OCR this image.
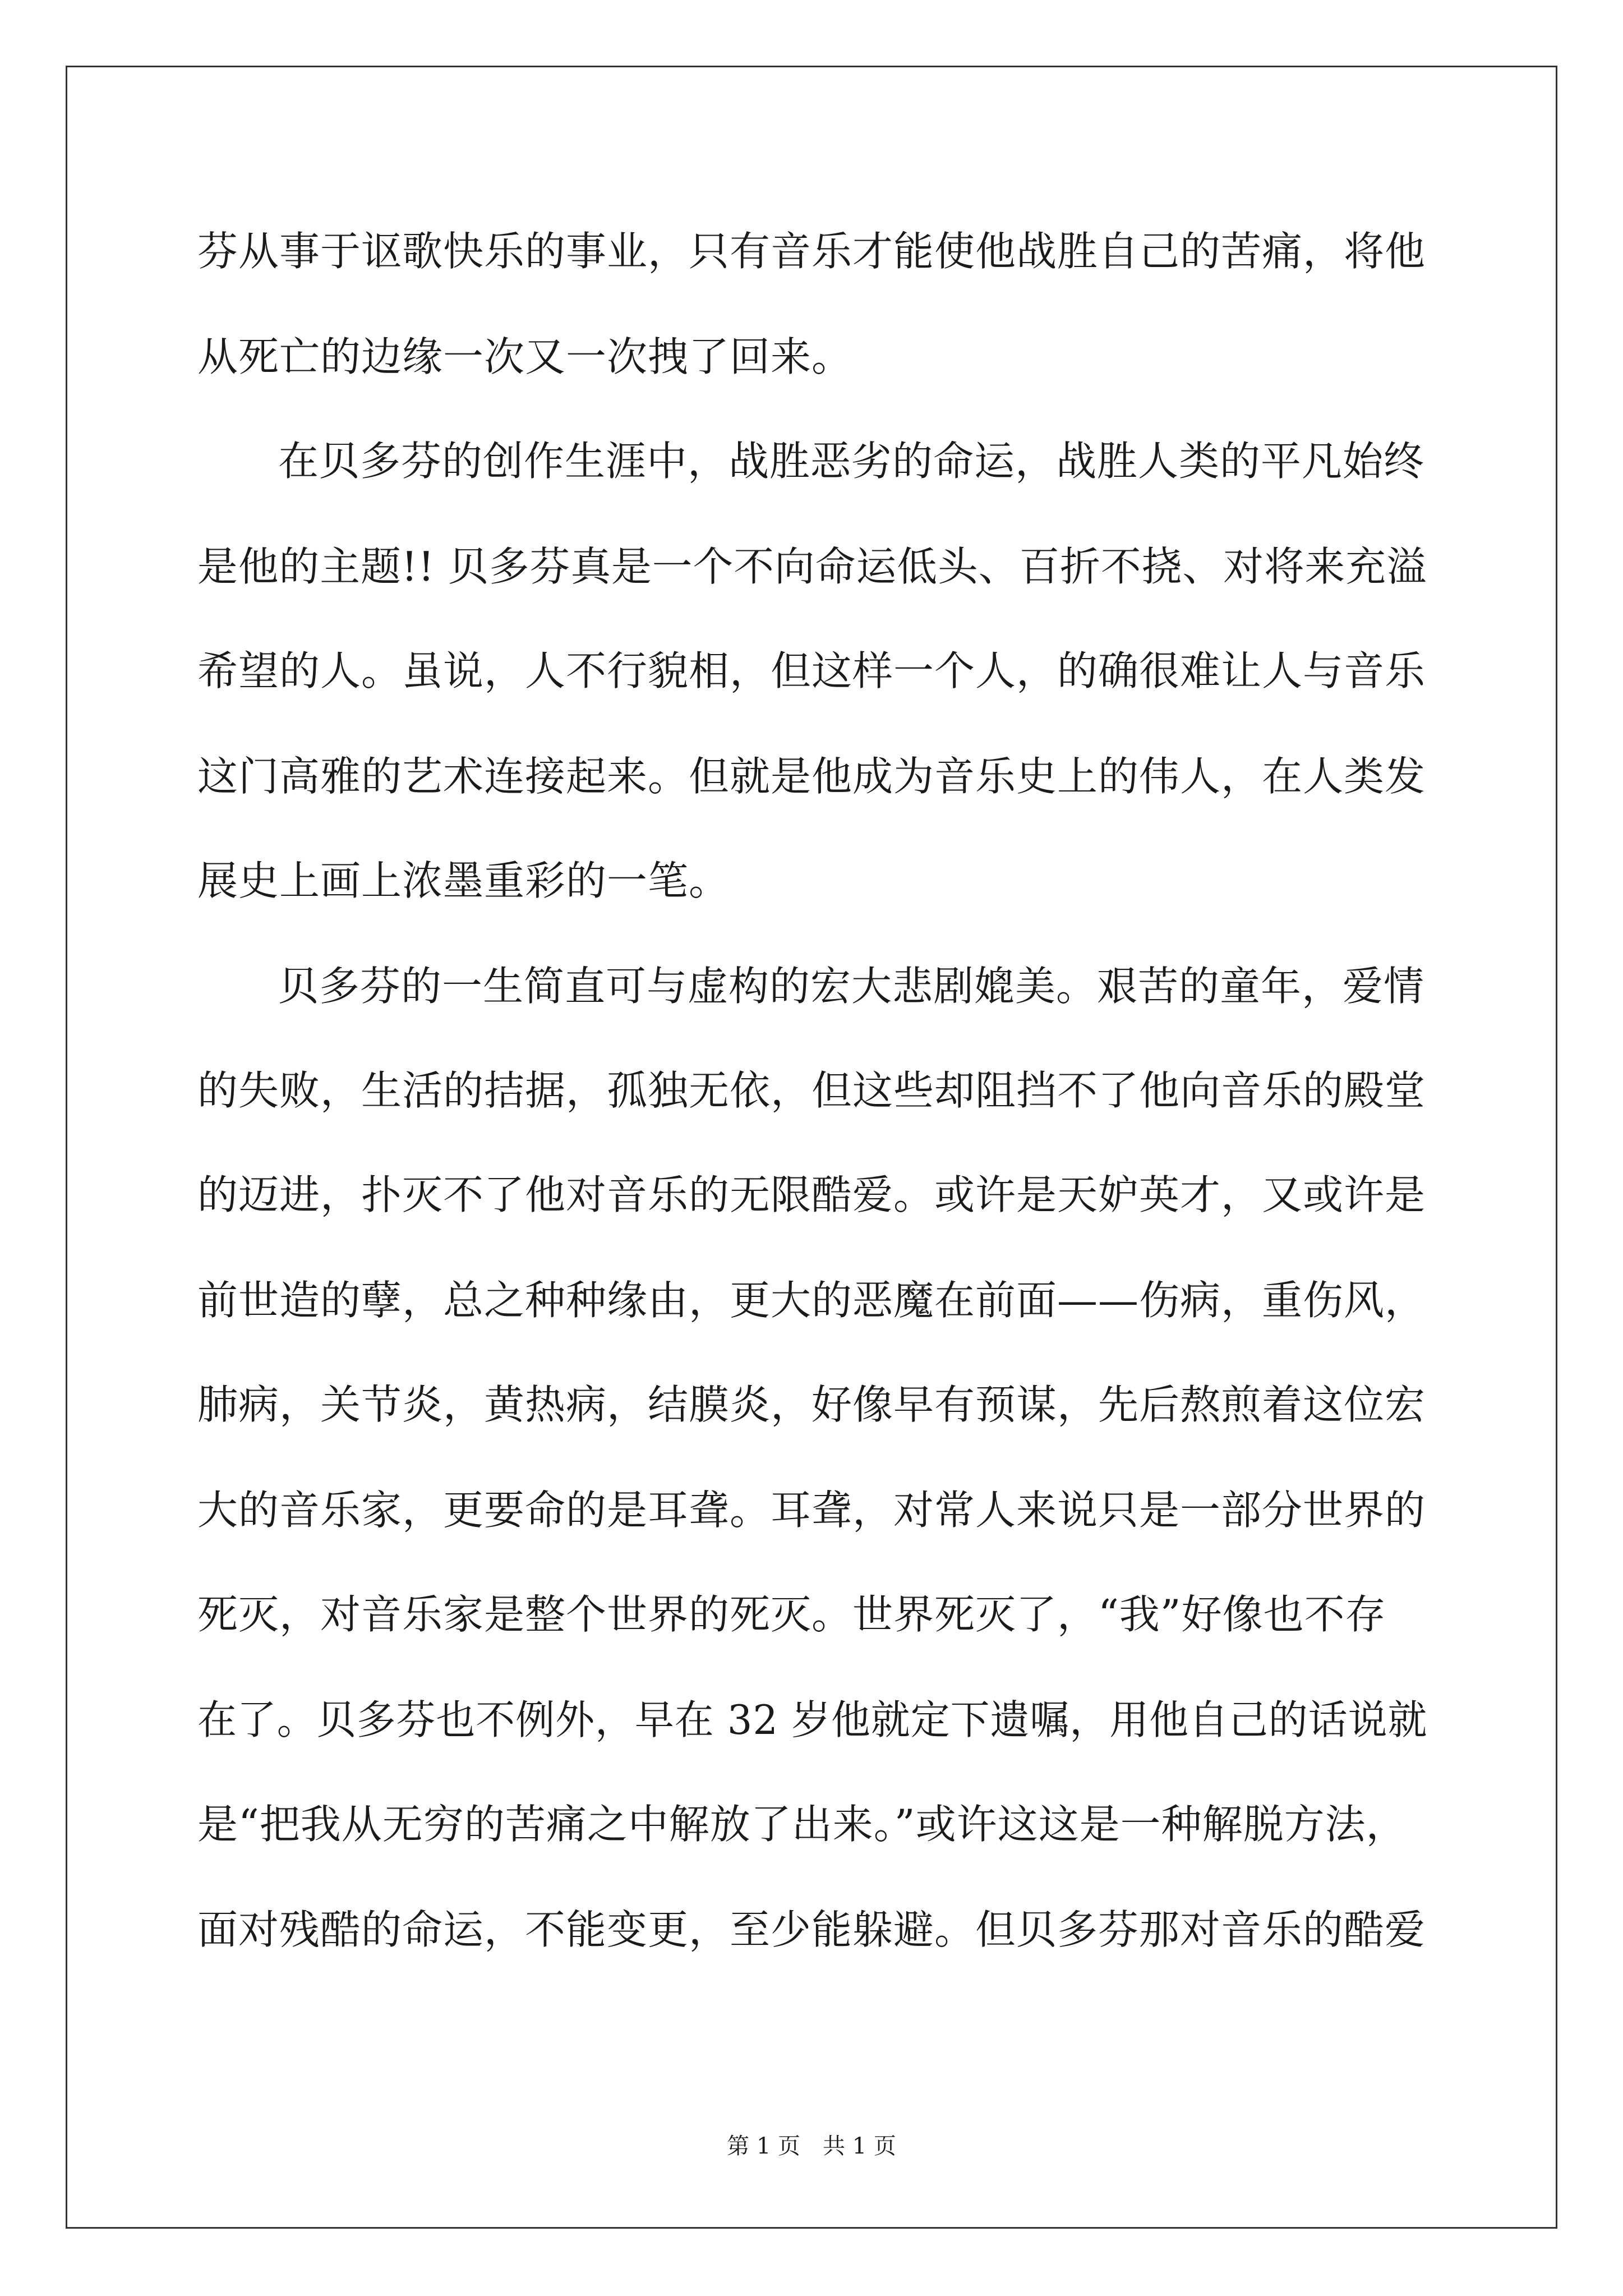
芬从事于讴歌快乐的事业，只有音乐才能使他战胜自己的苦痛，将他
从死亡的边缘一次又一次拽了回来。
在贝多芬的创作生涯中，战胜恶劣的命运，战胜人类的平凡始终
是他的主题!! 贝多芬真是一个不向命运低头、百折不挠、对将来充溢
希望的人。虽说，人不行貌相，但这样一个人，的确很难让人与音乐
这门高雅的艺术连接起来。但就是他成为音乐史上的伟人，在人类发
展史上画上浓墨重彩的一笔。
贝多芬的一生简直可与虚构的宏大悲剧媲美。艰苦的童年，爱情
的失败，生活的拮据，孤独无依，但这些却阻挡不了他向音乐的殿堂
的迈进，扑灭不了他对音乐的无限酷爱。或许是天妒英才，又或许是
前世造的孽，总之种种缘由，更大的恶魔在前面——伤病，重伤风，
肺病，关节炎，黄热病，结膜炎，好像早有预谋，先后熬煎着这位宏
大的音乐家，更要命的是耳聋。耳聋，对常人来说只是一部分世界的
死灭，对音乐家是整个世界的死灭。世界死灭了，“我”好像也不存
在了。贝多芬也不例外，早在 32 岁他就定下遗嘱，用他自己的话说就
是“把我从无穷的苦痛之中解放了出来。”或许这这是一种解脱方法，
面对残酷的命运，不能变更，至少能躲避。但贝多芬那对音乐的酷爱
第 1 页　共 1 页
